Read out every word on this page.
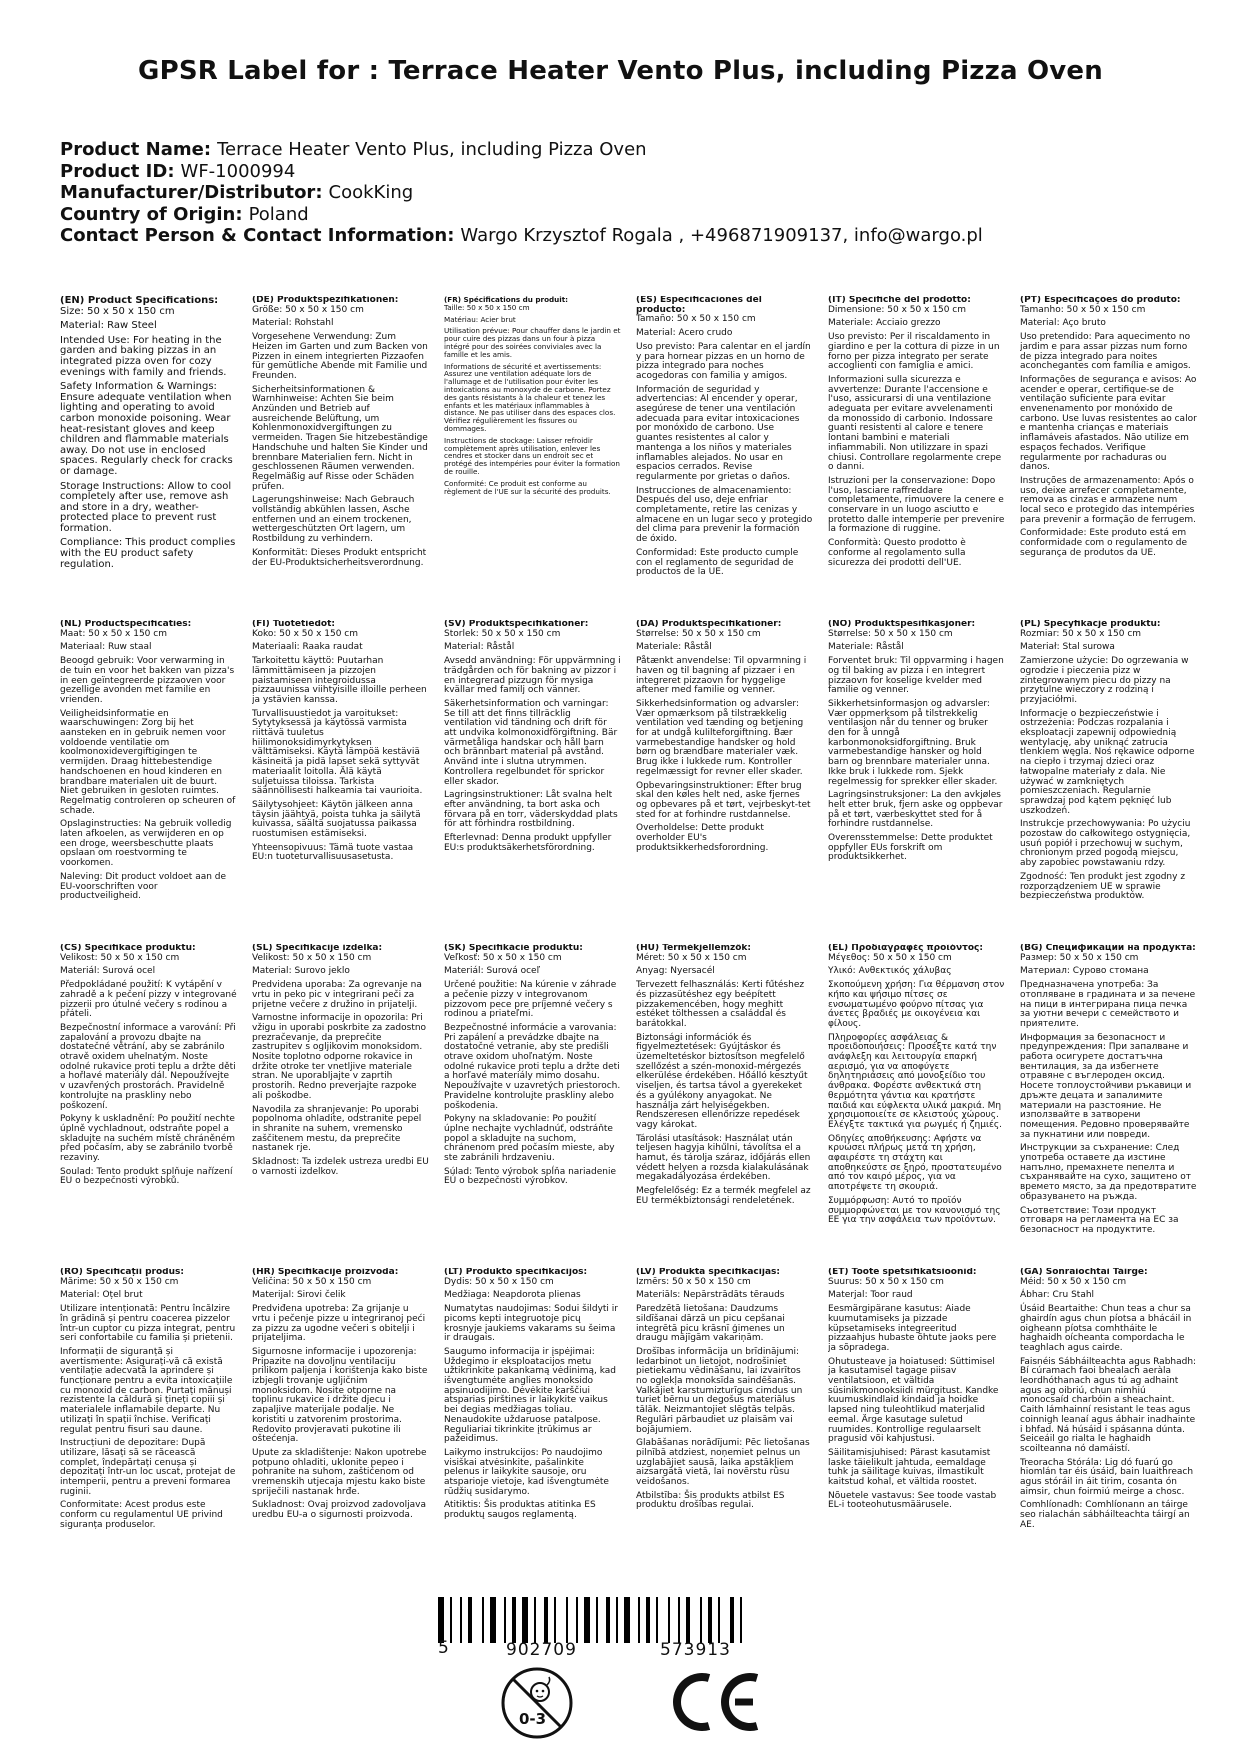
GPSR Label for : Terrace Heater Vento Plus, including Pizza Oven
Product Name: Terrace Heater Vento Plus, including Pizza Oven
Product ID: WF-1000994
Manufacturer/Distributor: CookKing
Country of Origin: Poland
Contact Person & Contact Information: Wargo Krzysztof Rogala , +496871909137, info@wargo.pl

(EN) Product Specifications:
Size: 50 x 50 x 150 cm

Material: Raw Steel

Intended Use: For heating in the garden and baking pizzas in an integrated pizza oven for cozy evenings with family and friends.

Safety Information & Warnings: Ensure adequate ventilation when lighting and operating to avoid carbon monoxide poisoning. Wear heat-resistant gloves and keep children and flammable materials away. Do not use in enclosed spaces. Regularly check for cracks or damage.

Storage Instructions: Allow to cool completely after use, remove ash and store in a dry, weather-protected place to prevent rust formation.

Compliance: This product complies with the EU product safety regulation.

(DE) Produktspezifikationen:
Größe: 50 x 50 x 150 cm

Material: Rohstahl

Vorgesehene Verwendung: Zum Heizen im Garten und zum Backen von Pizzen in einem integrierten Pizzaofen für gemütliche Abende mit Familie und Freunden.

Sicherheitsinformationen & Warnhinweise: Achten Sie beim Anzünden und Betrieb auf ausreichende Belüftung, um Kohlenmonoxidvergiftungen zu vermeiden. Tragen Sie hitzebeständige Handschuhe und halten Sie Kinder und brennbare Materialien fern. Nicht in geschlossenen Räumen verwenden. Regelmäßig auf Risse oder Schäden prüfen.

Lagerungshinweise: Nach Gebrauch vollständig abkühlen lassen, Asche entfernen und an einem trockenen, wettergeschützten Ort lagern, um Rostbildung zu verhindern.

Konformität: Dieses Produkt entspricht der EU-Produktsicherheitsverordnung.

(FR) Spécifications du produit:
Taille: 50 x 50 x 150 cm

Matériau: Acier brut

Utilisation prévue: Pour chauffer dans le jardin et pour cuire des pizzas dans un four à pizza intégré pour des soirées conviviales avec la famille et les amis.

Informations de sécurité et avertissements: Assurez une ventilation adéquate lors de l'allumage et de l'utilisation pour éviter les intoxications au monoxyde de carbone. Portez des gants résistants à la chaleur et tenez les enfants et les matériaux inflammables à distance. Ne pas utiliser dans des espaces clos. Vérifiez régulièrement les fissures ou dommages.

Instructions de stockage: Laisser refroidir complètement après utilisation, enlever les cendres et stocker dans un endroit sec et protégé des intempéries pour éviter la formation de rouille.

Conformité: Ce produit est conforme au règlement de l'UE sur la sécurité des produits.

(ES) Especificaciones del producto:
Tamaño: 50 x 50 x 150 cm

Material: Acero crudo

Uso previsto: Para calentar en el jardín y para hornear pizzas en un horno de pizza integrado para noches acogedoras con familia y amigos.

Información de seguridad y advertencias: Al encender y operar, asegúrese de tener una ventilación adecuada para evitar intoxicaciones por monóxido de carbono. Use guantes resistentes al calor y mantenga a los niños y materiales inflamables alejados. No usar en espacios cerrados. Revise regularmente por grietas o daños.

Instrucciones de almacenamiento: Después del uso, deje enfriar completamente, retire las cenizas y almacene en un lugar seco y protegido del clima para prevenir la formación de óxido.

Conformidad: Este producto cumple con el reglamento de seguridad de productos de la UE.

(IT) Specifiche del prodotto:
Dimensione: 50 x 50 x 150 cm

Materiale: Acciaio grezzo

Uso previsto: Per il riscaldamento in giardino e per la cottura di pizze in un forno per pizza integrato per serate accoglienti con famiglia e amici.

Informazioni sulla sicurezza e avvertenze: Durante l'accensione e l'uso, assicurarsi di una ventilazione adeguata per evitare avvelenamenti da monossido di carbonio. Indossare guanti resistenti al calore e tenere lontani bambini e materiali infiammabili. Non utilizzare in spazi chiusi. Controllare regolarmente crepe o danni.

Istruzioni per la conservazione: Dopo l'uso, lasciare raffreddare completamente, rimuovere la cenere e conservare in un luogo asciutto e protetto dalle intemperie per prevenire la formazione di ruggine.

Conformità: Questo prodotto è conforme al regolamento sulla sicurezza dei prodotti dell'UE.

(PT) Especificações do produto:
Tamanho: 50 x 50 x 150 cm

Material: Aço bruto

Uso pretendido: Para aquecimento no jardim e para assar pizzas num forno de pizza integrado para noites aconchegantes com família e amigos.

Informações de segurança e avisos: Ao acender e operar, certifique-se de ventilação suficiente para evitar envenenamento por monóxido de carbono. Use luvas resistentes ao calor e mantenha crianças e materiais inflamáveis afastados. Não utilize em espaços fechados. Verifique regularmente por rachaduras ou danos.

Instruções de armazenamento: Após o uso, deixe arrefecer completamente, remova as cinzas e armazene num local seco e protegido das intempéries para prevenir a formação de ferrugem.

Conformidade: Este produto está em conformidade com o regulamento de segurança de produtos da UE.

(NL) Productspecificaties:
Maat: 50 x 50 x 150 cm

Materiaal: Ruw staal

Beoogd gebruik: Voor verwarming in de tuin en voor het bakken van pizza's in een geïntegreerde pizzaoven voor gezellige avonden met familie en vrienden.

Veiligheidsinformatie en waarschuwingen: Zorg bij het aansteken en in gebruik nemen voor voldoende ventilatie om koolmonoxidevergiftigingen te vermijden. Draag hittebestendige handschoenen en houd kinderen en brandbare materialen uit de buurt. Niet gebruiken in gesloten ruimtes. Regelmatig controleren op scheuren of schade.

Opslaginstructies: Na gebruik volledig laten afkoelen, as verwijderen en op een droge, weersbeschutte plaats opslaan om roestvorming te voorkomen.

Naleving: Dit product voldoet aan de EU-voorschriften voor productveiligheid.

(FI) Tuotetiedot:
Koko: 50 x 50 x 150 cm

Materiaali: Raaka raudat

Tarkoitettu käyttö: Puutarhan lämmittämiseen ja pizzojen paistamiseen integroidussa pizzauunissa viihtyisille illoille perheen ja ystävien kanssa.

Turvallisuustiedot ja varoitukset: Sytytyksessä ja käytössä varmista riittävä tuuletus hiilimonoksidimyrkytyksen välttämiseksi. Käytä lämpöä kestäviä käsineitä ja pidä lapset sekä syttyvät materiaalit loitolla. Älä käytä suljetuissa tiloissa. Tarkista säännöllisesti halkeamia tai vaurioita.

Säilytysohjeet: Käytön jälkeen anna täysin jäähtyä, poista tuhka ja säilytä kuivassa, säältä suojatussa paikassa ruostumisen estämiseksi.

Yhteensopivuus: Tämä tuote vastaa EU:n tuoteturvallisuusasetusta.

(SV) Produktspecifikationer:
Storlek: 50 x 50 x 150 cm

Material: Råstål

Avsedd användning: För uppvärmning i trädgården och för bakning av pizzor i en integrerad pizzugn för mysiga kvällar med familj och vänner.

Säkerhetsinformation och varningar: Se till att det finns tillräcklig ventilation vid tändning och drift för att undvika kolmonoxidförgiftning. Bär värmetåliga handskar och håll barn och brännbart material på avstånd. Använd inte i slutna utrymmen. Kontrollera regelbundet för sprickor eller skador.

Lagringsinstruktioner: Låt svalna helt efter användning, ta bort aska och förvara på en torr, väderskyddad plats för att förhindra rostbildning.

Efterlevnad: Denna produkt uppfyller EU:s produktsäkerhetsförordning.

(DA) Produktspecifikationer:
Størrelse: 50 x 50 x 150 cm

Materiale: Råstål

Påtænkt anvendelse: Til opvarmning i haven og til bagning af pizzaer i en integreret pizzaovn for hyggelige aftener med familie og venner.

Sikkerhedsinformation og advarsler: Vær opmærksom på tilstrækkelig ventilation ved tænding og betjening for at undgå kulilteforgiftning. Bær varmebestandige handsker og hold børn og brændbare materialer væk. Brug ikke i lukkede rum. Kontroller regelmæssigt for revner eller skader.

Opbevaringsinstruktioner: Efter brug skal den køles helt ned, aske fjernes og opbevares på et tørt, vejrbeskyt-tet sted for at forhindre rustdannelse.

Overholdelse: Dette produkt overholder EU's produktsikkerhedsforordning.

(NO) Produktspesifikasjoner:
Størrelse: 50 x 50 x 150 cm

Materiale: Råstål

Forventet bruk: Til oppvarming i hagen og til baking av pizza i en integrert pizzaovn for koselige kvelder med familie og venner.

Sikkerhetsinformasjon og advarsler: Vær oppmerksom på tilstrekkelig ventilasjon når du tenner og bruker den for å unngå karbonmonoksidforgiftning. Bruk varmebestandige hansker og hold barn og brennbare materialer unna. Ikke bruk i lukkede rom. Sjekk regelmessig for sprekker eller skader.

Lagringsinstruksjoner: La den avkjøles helt etter bruk, fjern aske og oppbevar på et tørt, værbeskyttet sted for å forhindre rustdannelse.

Overensstemmelse: Dette produktet oppfyller EUs forskrift om produktsikkerhet.

(PL) Specyfikacje produktu:
Rozmiar: 50 x 50 x 150 cm

Materiał: Stal surowa

Zamierzone użycie: Do ogrzewania w ogrodzie i pieczenia pizz w zintegrowanym piecu do pizzy na przytulne wieczory z rodziną i przyjaciółmi.

Informacje o bezpieczeństwie i ostrzeżenia: Podczas rozpalania i eksploatacji zapewnij odpowiednią wentylację, aby uniknąć zatrucia tlenkiem węgla. Noś rękawice odporne na ciepło i trzymaj dzieci oraz łatwopalne materiały z dala. Nie używać w zamkniętych pomieszczeniach. Regularnie sprawdzaj pod kątem pęknięć lub uszkodzeń.

Instrukcje przechowywania: Po użyciu pozostaw do całkowitego ostygnięcia, usuń popiół i przechowuj w suchym, chronionym przed pogodą miejscu, aby zapobiec powstawaniu rdzy.

Zgodność: Ten produkt jest zgodny z rozporządzeniem UE w sprawie bezpieczeństwa produktów.

(CS) Specifikace produktu:
Velikost: 50 x 50 x 150 cm

Materiál: Surová ocel

Předpokládané použití: K vytápění v zahradě a k pečení pizzy v integrované pizzerii pro útulné večery s rodinou a přáteli.

Bezpečnostní informace a varování: Při zapalování a provozu dbajte na dostatečné větrání, aby se zabránilo otravě oxidem uhelnatým. Noste odolné rukavice proti teplu a držte děti a hořlavé materiály dál. Nepoužívejte v uzavřených prostorách. Pravidelně kontrolujte na praskliny nebo poškození.

Pokyny k uskladnění: Po použití nechte úplně vychladnout, odstraňte popel a skladujte na suchém místě chráněném před počasím, aby se zabránilo tvorbě rezaviny.

Soulad: Tento produkt splňuje nařízení EU o bezpečnosti výrobků.

(SL) Specifikacije izdelka:
Velikost: 50 x 50 x 150 cm

Material: Surovo jeklo

Predvidena uporaba: Za ogrevanje na vrtu in peko pic v integrirani peči za prijetne večere z družino in prijatelji.

Varnostne informacije in opozorila: Pri vžigu in uporabi poskrbite za zadostno prezračevanje, da preprečite zastrupitev s ogljikovim monoksidom. Nosite toplotno odporne rokavice in držite otroke ter vnetljive materiale stran. Ne uporabljajte v zaprtih prostorih. Redno preverjajte razpoke ali poškodbe.

Navodila za shranjevanje: Po uporabi popolnoma ohladite, odstranite pepel in shranite na suhem, vremensko zaščitenem mestu, da preprečite nastanek rje.

Skladnost: Ta izdelek ustreza uredbi EU o varnosti izdelkov.

(SK) Špecifikácie produktu:
Veľkosť: 50 x 50 x 150 cm

Materiál: Surová oceľ

Určené použitie: Na kúrenie v záhrade a pečenie pizzy v integrovanom pizzovom pece pre príjemné večery s rodinou a priateľmi.

Bezpečnostné informácie a varovania: Pri zapálení a prevádzke dbajte na dostatočné vetranie, aby ste predišli otrave oxidom uhoľnatým. Noste odolné rukavice proti teplu a držte deti a horľavé materiály mimo dosahu. Nepoužívajte v uzavretých priestoroch. Pravidelne kontrolujte praskliny alebo poškodenia.

Pokyny na skladovanie: Po použití úplne nechajte vychladnúť, odstráňte popol a skladujte na suchom, chránenom pred počasím mieste, aby ste zabránili hrdzaveniu.

Súlad: Tento výrobok spĺňa nariadenie EÚ o bezpečnosti výrobkov.

(HU) Termékjellemzők:
Méret: 50 x 50 x 150 cm

Anyag: Nyersacél

Tervezett felhasználás: Kerti fűtéshez és pizzasütéshez egy beépített pizzakemencében, hogy meghitt estéket tölthessen a családdal és barátokkal.

Biztonsági információk és figyelmeztetések: Gyújtáskor és üzemeltetéskor biztosítson megfelelő szellőzést a szén-monoxid-mérgezés elkerülése érdekében. Hőálló kesztyűt viseljen, és tartsa távol a gyerekeket és a gyúlékony anyagokat. Ne használja zárt helyiségekben. Rendszeresen ellenőrizze repedések vagy károkat.

Tárolási utasítások: Használat után teljesen hagyja kihűlni, távolítsa el a hamut, és tárolja száraz, időjárás ellen védett helyen a rozsda kialakulásának megakadályozása érdekében.

Megfelelőség: Ez a termék megfelel az EU termékbiztonsági rendeletének.

(EL) Προδιαγραφές προϊόντος:
Μέγεθος: 50 x 50 x 150 cm

Υλικό: Ανθεκτικός χάλυβας

Σκοπούμενη χρήση: Για θέρμανση στον κήπο και ψήσιμο πίτσες σε ενσωματωμένο φούρνο πίτσας για άνετες βραδιές με οικογένεια και φίλους.

Πληροφορίες ασφάλειας & προειδοποιήσεις: Προσέξτε κατά την ανάφλεξη και λειτουργία επαρκή αερισμό, για να αποφύγετε δηλητηριάσεις από μονοξείδιο του άνθρακα. Φορέστε ανθεκτικά στη θερμότητα γάντια και κρατήστε παιδιά και εύφλεκτα υλικά μακριά. Μη χρησιμοποιείτε σε κλειστούς χώρους. Ελέγξτε τακτικά για ρωγμές ή ζημιές.

Οδηγίες αποθήκευσης: Αφήστε να κρυώσει πλήρως μετά τη χρήση, αφαιρέστε τη στάχτη και αποθηκεύστε σε ξηρό, προστατευμένο από τον καιρό μέρος, για να αποτρέψετε τη σκουριά.

Συμμόρφωση: Αυτό το προϊόν συμμορφώνεται με τον κανονισμό της ΕΕ για την ασφάλεια των προϊόντων.

(BG) Спецификации на продукта:
Размер: 50 x 50 x 150 cm

Материал: Сурово стомана

Предназначена употреба: За отопляване в градината и за печене на пици в интегрирана пица печка за уютни вечери с семейството и приятелите.

Информация за безопасност и предупреждения: При запалване и работа осигурете достатъчна вентилация, за да избегнете отравяне с въглероден оксид. Носете топлоустойчиви ръкавици и дръжте децата и запалимите материали на разстояние. Не използвайте в затворени помещения. Редовно проверявайте за пукнатини или повреди.

Инструкции за съхранение: След употреба оставете да изстине напълно, премахнете пепелта и съхранявайте на сухо, защитено от времето място, за да предотвратите образуването на ръжда.

Съответствие: Този продукт отговаря на регламента на ЕС за безопасност на продуктите.

(RO) Specificații produs:
Mărime: 50 x 50 x 150 cm

Material: Oțel brut

Utilizare intenționată: Pentru încălzire în grădină și pentru coacerea pizzelor într-un cuptor cu pizza integrat, pentru seri confortabile cu familia și prietenii.

Informații de siguranță și avertismente: Asigurați-vă că există ventilație adecvată la aprindere și funcționare pentru a evita intoxicațiile cu monoxid de carbon. Purtați mănuși rezistente la căldură și țineți copiii și materialele inflamabile departe. Nu utilizați în spații închise. Verificați regulat pentru fisuri sau daune.

Instrucțiuni de depozitare: După utilizare, lăsați să se răcească complet, îndepărtați cenușa și depozitați într-un loc uscat, protejat de intemperii, pentru a preveni formarea ruginii.

Conformitate: Acest produs este conform cu regulamentul UE privind siguranța produselor.

(HR) Specifikacije proizvoda:
Veličina: 50 x 50 x 150 cm

Materijal: Sirovi čelik

Predviđena upotreba: Za grijanje u vrtu i pečenje pizze u integriranoj peći za pizzu za ugodne večeri s obitelji i prijateljima.

Sigurnosne informacije i upozorenja: Pripazite na dovoljnu ventilaciju prilikom paljenja i korištenja kako biste izbjegli trovanje ugljičnim monoksidom. Nosite otporne na toplinu rukavice i držite djecu i zapaljive materijale podalje. Ne koristiti u zatvorenim prostorima. Redovito provjeravati pukotine ili oštećenja.

Upute za skladištenje: Nakon upotrebe potpuno ohladiti, uklonite pepeo i pohranite na suhom, zaštićenom od vremenskih utjecaja mjestu kako biste spriječili nastanak hrđe.

Sukladnost: Ovaj proizvod zadovoljava uredbu EU-a o sigurnosti proizvoda.

(LT) Produkto specifikacijos:
Dydis: 50 x 50 x 150 cm

Medžiaga: Neapdorota plienas

Numatytas naudojimas: Sodui šildyti ir picoms kepti integruotoje picų krosnyje jaukiems vakarams su šeima ir draugais.

Saugumo informacija ir įspėjimai: Uždegimo ir eksploatacijos metu užtikrinkite pakankamą vėdinimą, kad išvengtumėte anglies monoksido apsinuodijimo. Dėvėkite karščiui atsparias pirštines ir laikykite vaikus bei degias medžiagas toliau. Nenaudokite uždaruose patalpose. Reguliariai tikrinkite įtrūkimus ar pažeidimus.

Laikymo instrukcijos: Po naudojimo visiškai atvėsinkite, pašalinkite pelenus ir laikykite sausoje, oru atsparioje vietoje, kad išvengtumėte rūdžių susidarymo.

Atitiktis: Šis produktas atitinka ES produktų saugos reglamentą.

(LV) Produkta specifikācijas:
Izmērs: 50 x 50 x 150 cm

Materiāls: Nepārstrādāts tērauds

Paredzētā lietošana: Daudzums sildīšanai dārzā un picu cepšanai integrētā picu krāsnī ģimenes un draugu mājīgām vakariņām.

Drošības informācija un brīdinājumi: Iedarbinot un lietojot, nodrošiniet pietiekamu vēdināšanu, lai izvairītos no oglekļa monoksīda saindēšanās. Valkājiet karstumizturīgus cimdus un turiet bērnu un degošus materiālus tālāk. Neizmantojiet slēgtās telpās. Regulāri pārbaudiet uz plaisām vai bojājumiem.

Glabāšanas norādījumi: Pēc lietošanas pilnībā atdziest, noņemiet pelnus un uzglabājiet sausā, laika apstākļiem aizsargātā vietā, lai novērstu rūsu veidošanos.

Atbilstība: Šis produkts atbilst ES produktu drošības regulai.

(ET) Toote spetsifikatsioonid:
Suurus: 50 x 50 x 150 cm

Materjal: Toor raud

Eesmärgipärane kasutus: Aiade kuumutamiseks ja pizzade küpsetamiseks integreeritud pizzaahjus hubaste õhtute jaoks pere ja sõpradega.

Ohutusteave ja hoiatused: Süttimisel ja kasutamisel tagage piisav ventilatsioon, et vältida süsinikmonooksiidi mürgitust. Kandke kuumuskindlaid kindaid ja hoidke lapsed ning tuleohtlikud materjalid eemal. Ärge kasutage suletud ruumides. Kontrollige regulaarselt pragusid või kahjustusi.

Säilitamisjuhised: Pärast kasutamist laske täielikult jahtuda, eemaldage tuhk ja säilitage kuivas, ilmastikult kaitstud kohal, et vältida roostet.

Nõuetele vastavus: See toode vastab EL-i tooteohutusmäärusele.

(GA) Sonraíochtaí Táirge:
Méid: 50 x 50 x 150 cm

Ábhar: Cru Stahl

Úsáid Beartaithe: Chun teas a chur sa ghairdín agus chun píotsa a bhácáil in oigheann píotsa comhtháite le haghaidh oícheanta compordacha le teaghlach agus cairde.

Faisnéis Sábháilteachta agus Rabhadh: Bí cúramach faoi bhealach aeràla leordhóthanach agus tú ag adhaint agus ag oibriú, chun nimhiú monocsaíd charbóin a sheachaint. Caith lámhainní resistant le teas agus coinnigh leanaí agus ábhair inadhainte i bhfad. Ná húsáid i spásanna dúnta. Seiceáil go rialta le haghaidh scoilteanna nó damáistí.

Treoracha Stórála: Lig dó fuarú go hiomlán tar éis úsáid, bain luaithreach agus stóráil in áit tirim, cosanta ón aimsir, chun foirmiú meirge a chosc.

Comhlíonadh: Comhlíonann an táirge seo rialachán sábháilteachta táirgí an AE.

5	902709	573913
0-3
